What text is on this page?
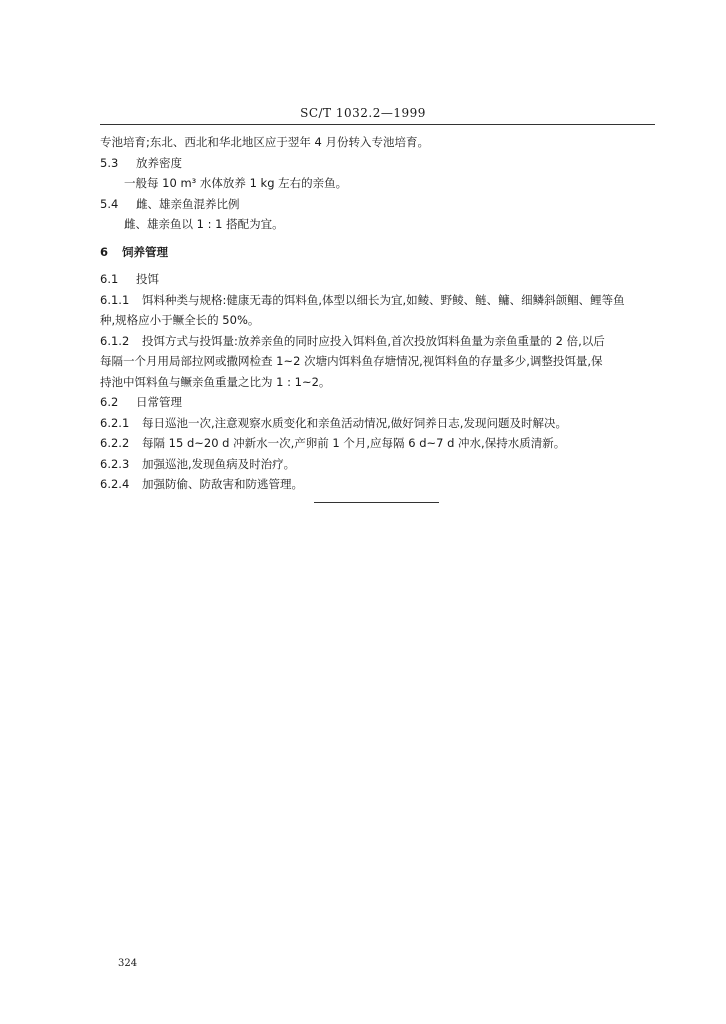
SC/T 1032.2—1999
专池培育;东北、西北和华北地区应于翌年 4 月份转入专池培育。
5.3 放养密度
一般每 10 m³ 水体放养 1 kg 左右的亲鱼。
5.4 雌、雄亲鱼混养比例
雌、雄亲鱼以 1 : 1 搭配为宜。
6 饲养管理
6.1 投饵
6.1.1 饵料种类与规格:健康无毒的饵料鱼,体型以细长为宜,如鲮、野鲮、鲢、鳙、细鳞斜颌鲴、鲤等鱼
种,规格应小于鳜全长的 50%。
6.1.2 投饵方式与投饵量:放养亲鱼的同时应投入饵料鱼,首次投放饵料鱼量为亲鱼重量的 2 倍,以后
每隔一个月用局部拉网或撒网检查 1~2 次塘内饵料鱼存塘情况,视饵料鱼的存量多少,调整投饵量,保
持池中饵料鱼与鳜亲鱼重量之比为 1 : 1~2。
6.2 日常管理
6.2.1 每日巡池一次,注意观察水质变化和亲鱼活动情况,做好饲养日志,发现问题及时解决。
6.2.2 每隔 15 d~20 d 冲新水一次,产卵前 1 个月,应每隔 6 d~7 d 冲水,保持水质清新。
6.2.3 加强巡池,发现鱼病及时治疗。
6.2.4 加强防偷、防敌害和防逃管理。
324
